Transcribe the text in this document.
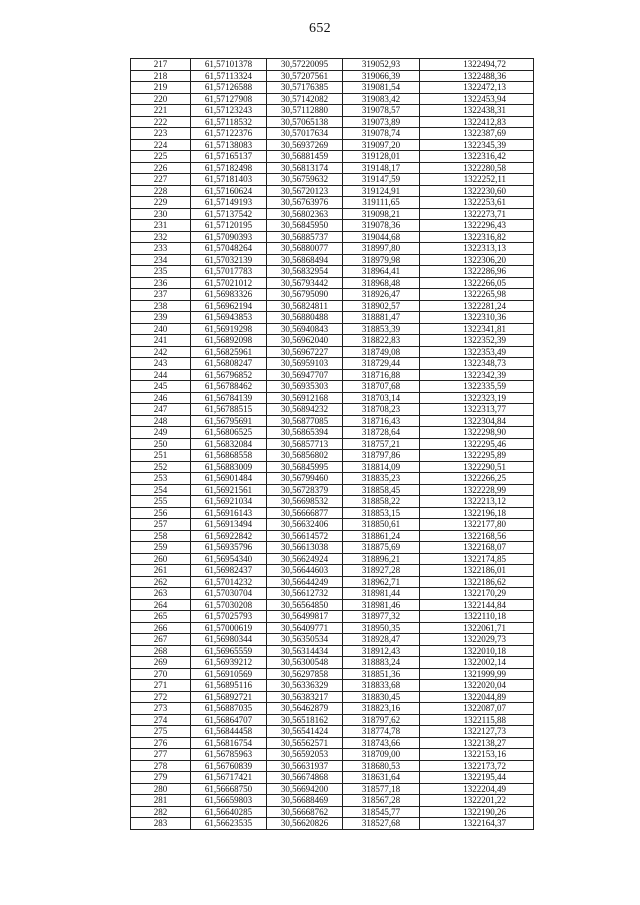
652
217	61,57101378	30,57220095	319052,93	1322494,72
218	61,57113324	30,57207561	319066,39	1322488,36
219	61,57126588	30,57176385	319081,54	1322472,13
220	61,57127908	30,57142082	319083,42	1322453,94
221	61,57123243	30,57112880	319078,57	1322438,31
222	61,57118532	30,57065138	319073,89	1322412,83
223	61,57122376	30,57017634	319078,74	1322387,69
224	61,57138083	30,56937269	319097,20	1322345,39
225	61,57165137	30,56881459	319128,01	1322316,42
226	61,57182498	30,56813174	319148,17	1322280,58
227	61,57181403	30,56759632	319147,59	1322252,11
228	61,57160624	30,56720123	319124,91	1322230,60
229	61,57149193	30,56763976	319111,65	1322253,61
230	61,57137542	30,56802363	319098,21	1322273,71
231	61,57120195	30,56845950	319078,36	1322296,43
232	61,57090393	30,56885737	319044,68	1322316,82
233	61,57048264	30,56880077	318997,80	1322313,13
234	61,57032139	30,56868494	318979,98	1322306,20
235	61,57017783	30,56832954	318964,41	1322286,96
236	61,57021012	30,56793442	318968,48	1322266,05
237	61,56983326	30,56795090	318926,47	1322265,98
238	61,56962194	30,56824811	318902,57	1322281,24
239	61,56943853	30,56880488	318881,47	1322310,36
240	61,56919298	30,56940843	318853,39	1322341,81
241	61,56892098	30,56962040	318822,83	1322352,39
242	61,56825961	30,56967227	318749,08	1322353,49
243	61,56808247	30,56959103	318729,44	1322348,73
244	61,56796852	30,56947707	318716,88	1322342,39
245	61,56788462	30,56935303	318707,68	1322335,59
246	61,56784139	30,56912168	318703,14	1322323,19
247	61,56788515	30,56894232	318708,23	1322313,77
248	61,56795691	30,56877085	318716,43	1322304,84
249	61,56806525	30,56865394	318728,64	1322298,90
250	61,56832084	30,56857713	318757,21	1322295,46
251	61,56868558	30,56856802	318797,86	1322295,89
252	61,56883009	30,56845995	318814,09	1322290,51
253	61,56901484	30,56799460	318835,23	1322266,25
254	61,56921561	30,56728379	318858,45	1322228,99
255	61,56921034	30,56698532	318858,22	1322213,12
256	61,56916143	30,56666877	318853,15	1322196,18
257	61,56913494	30,56632406	318850,61	1322177,80
258	61,56922842	30,56614572	318861,24	1322168,56
259	61,56935796	30,56613038	318875,69	1322168,07
260	61,56954340	30,56624924	318896,21	1322174,85
261	61,56982437	30,56644603	318927,28	1322186,01
262	61,57014232	30,56644249	318962,71	1322186,62
263	61,57030704	30,56612732	318981,44	1322170,29
264	61,57030208	30,56564850	318981,46	1322144,84
265	61,57025793	30,56499817	318977,32	1322110,18
266	61,57000619	30,56409771	318950,35	1322061,71
267	61,56980344	30,56350534	318928,47	1322029,73
268	61,56965559	30,56314434	318912,43	1322010,18
269	61,56939212	30,56300548	318883,24	1322002,14
270	61,56910569	30,56297858	318851,36	1321999,99
271	61,56895116	30,56336329	318833,68	1322020,04
272	61,56892721	30,56383217	318830,45	1322044,89
273	61,56887035	30,56462879	318823,16	1322087,07
274	61,56864707	30,56518162	318797,62	1322115,88
275	61,56844458	30,56541424	318774,78	1322127,73
276	61,56816754	30,56562571	318743,66	1322138,27
277	61,56785963	30,56592053	318709,00	1322153,16
278	61,56760839	30,56631937	318680,53	1322173,72
279	61,56717421	30,56674868	318631,64	1322195,44
280	61,56668750	30,56694200	318577,18	1322204,49
281	61,56659803	30,56688469	318567,28	1322201,22
282	61,56640285	30,56668762	318545,77	1322190,26
283	61,56623535	30,56620826	318527,68	1322164,37
